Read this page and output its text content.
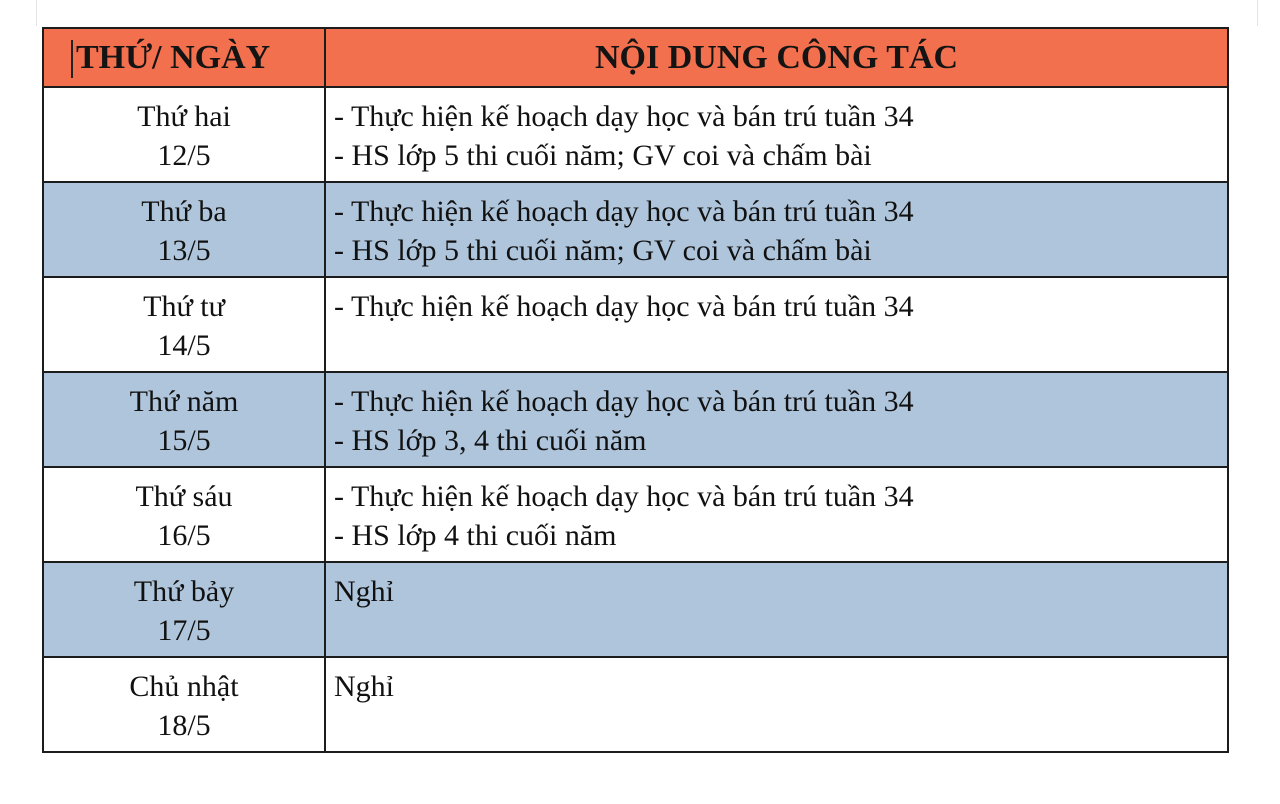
THỨ/ NGÀY	NỘI DUNG CÔNG TÁC

Thứ hai
12/5	- Thực hiện kế hoạch dạy học và bán trú tuần 34
- HS lớp 5 thi cuối năm; GV coi và chấm bài

Thứ ba
13/5	- Thực hiện kế hoạch dạy học và bán trú tuần 34
- HS lớp 5 thi cuối năm; GV coi và chấm bài

Thứ tư
14/5	- Thực hiện kế hoạch dạy học và bán trú tuần 34

Thứ năm
15/5	- Thực hiện kế hoạch dạy học và bán trú tuần 34
- HS lớp 3, 4 thi cuối năm

Thứ sáu
16/5	- Thực hiện kế hoạch dạy học và bán trú tuần 34
- HS lớp 4 thi cuối năm

Thứ bảy
17/5	Nghỉ

Chủ nhật
18/5	Nghỉ
